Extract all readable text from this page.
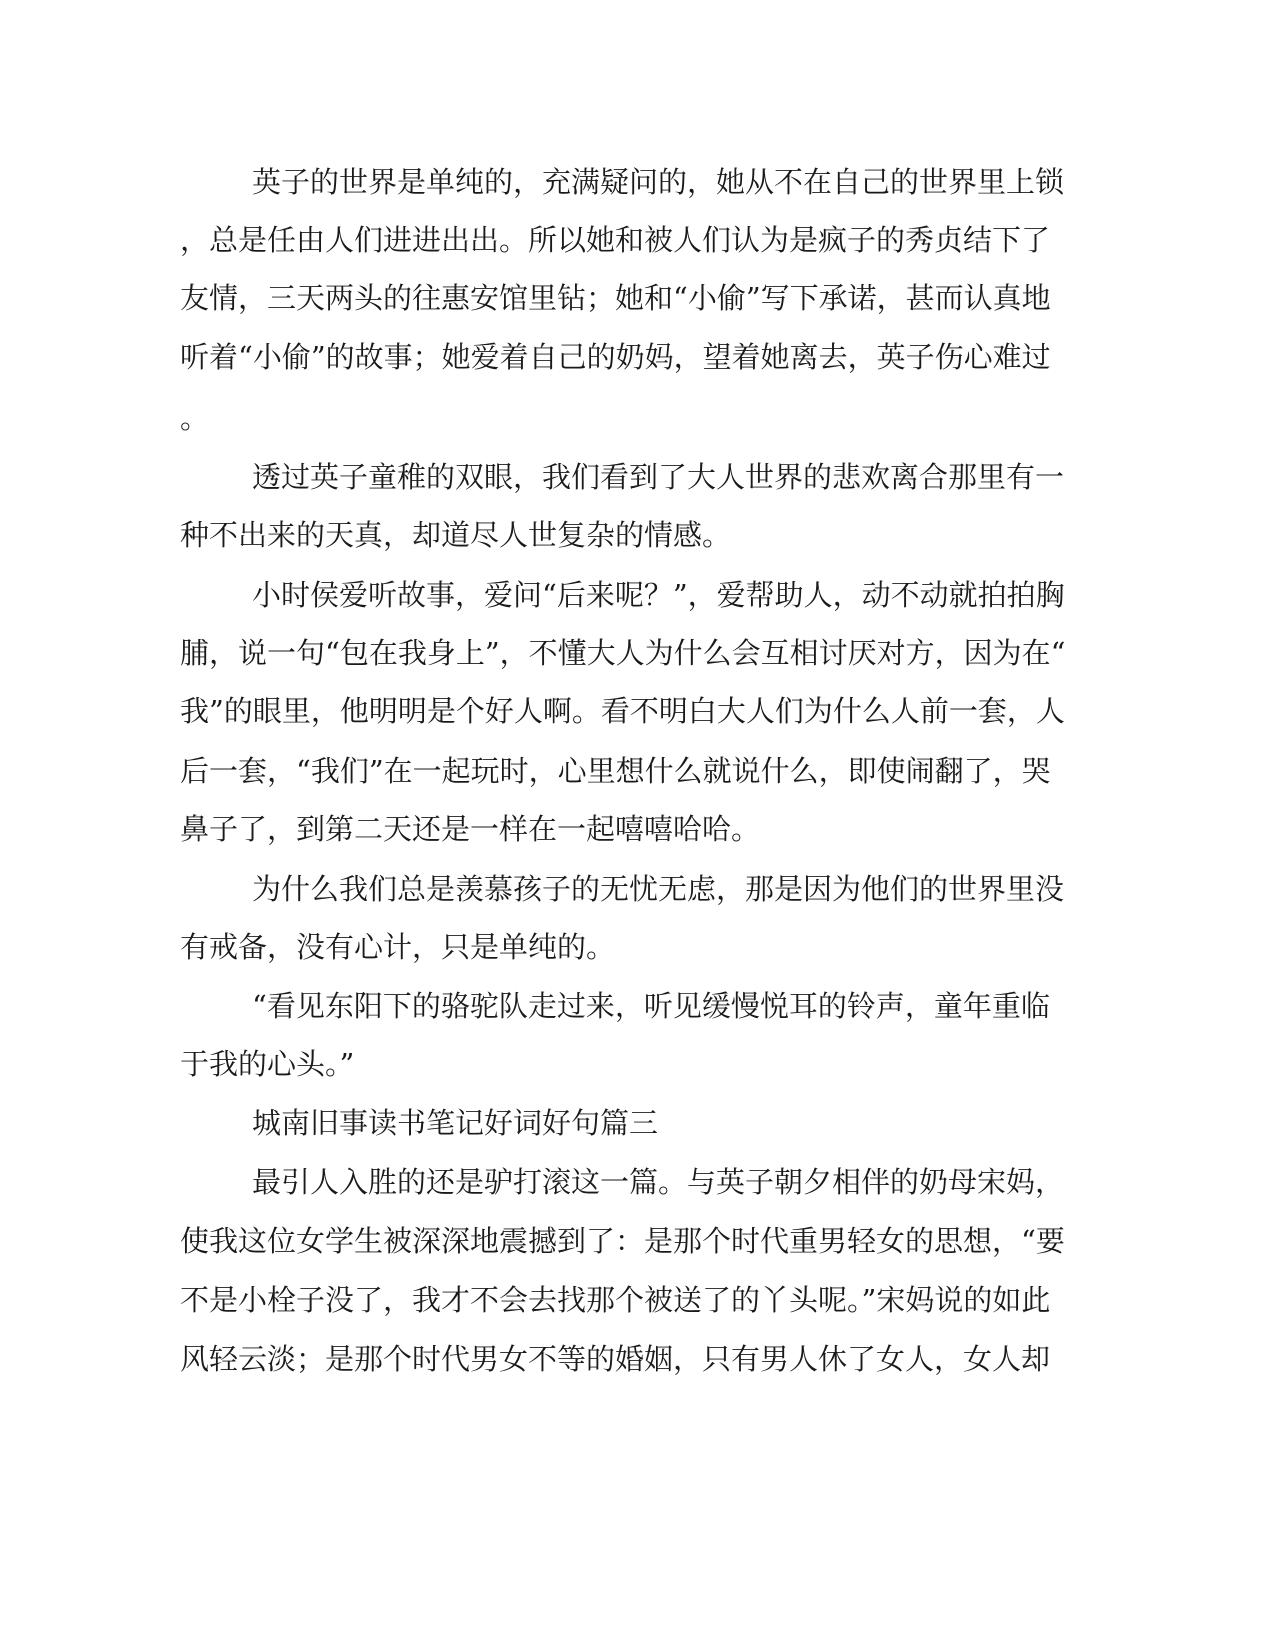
英子的世界是单纯的，充满疑问的，她从不在自己的世界里上锁

，总是任由人们进进出出。所以她和被人们认为是疯子的秀贞结下了

友情，三天两头的往惠安馆里钻；她和“小偷”写下承诺，甚而认真地

听着“小偷”的故事；她爱着自己的奶妈，望着她离去，英子伤心难过

。

透过英子童稚的双眼，我们看到了大人世界的悲欢离合那里有一

种不出来的天真，却道尽人世复杂的情感。

小时侯爱听故事，爱问“后来呢？”，爱帮助人，动不动就拍拍胸

脯，说一句“包在我身上”，不懂大人为什么会互相讨厌对方，因为在“

我”的眼里，他明明是个好人啊。看不明白大人们为什么人前一套，人

后一套，“我们”在一起玩时，心里想什么就说什么，即使闹翻了，哭

鼻子了，到第二天还是一样在一起嘻嘻哈哈。

为什么我们总是羡慕孩子的无忧无虑，那是因为他们的世界里没

有戒备，没有心计，只是单纯的。

“看见东阳下的骆驼队走过来，听见缓慢悦耳的铃声，童年重临

于我的心头。”

城南旧事读书笔记好词好句篇三

最引人入胜的还是驴打滚这一篇。与英子朝夕相伴的奶母宋妈，

使我这位女学生被深深地震撼到了：是那个时代重男轻女的思想，“要

不是小栓子没了，我才不会去找那个被送了的丫头呢。”宋妈说的如此

风轻云淡；是那个时代男女不等的婚姻，只有男人休了女人，女人却
